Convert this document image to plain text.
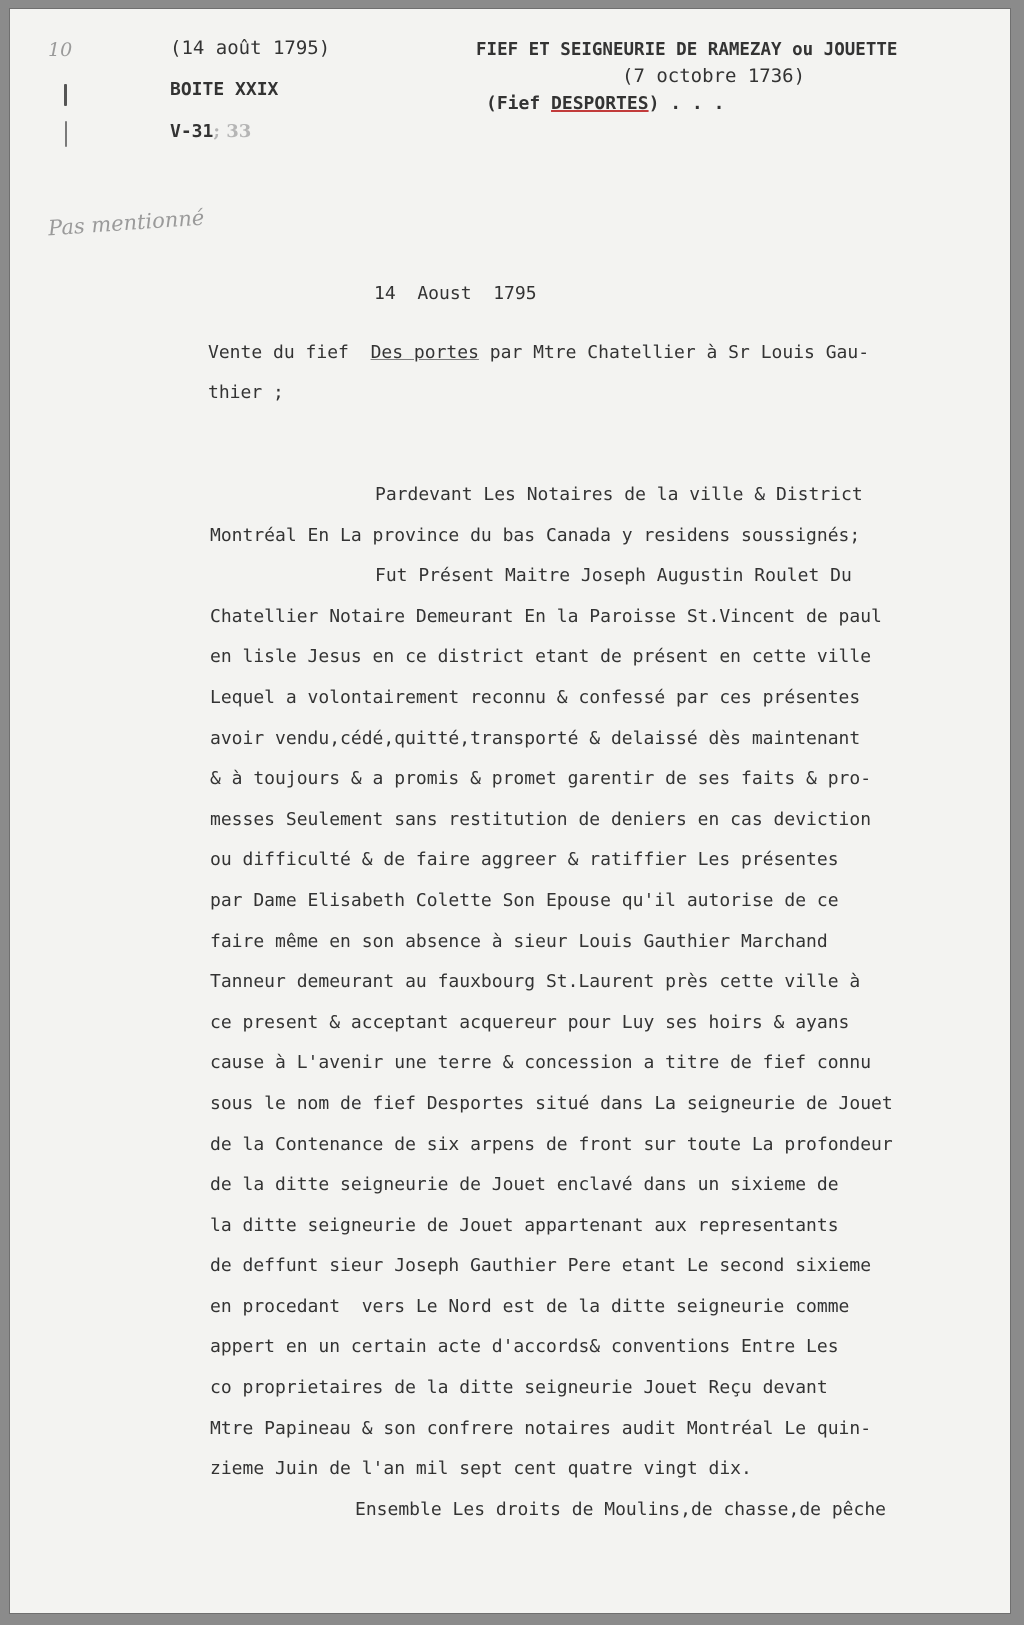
10
Pas mentionné
(14 août 1795)
BOITE XXIX
V-31; 33
FIEF ET SEIGNEURIE DE RAMEZAY ou JOUETTE
(7 octobre 1736)
(Fief DESPORTES) . . .
14  Aoust  1795
Vente du fief  Des portes par Mtre Chatellier à Sr Louis Gau-
thier ;
Pardevant Les Notaires de la ville & District
Montréal En La province du bas Canada y residens soussignés;
Fut Présent Maitre Joseph Augustin Roulet Du
Chatellier Notaire Demeurant En la Paroisse St.Vincent de paul
en lisle Jesus en ce district etant de présent en cette ville
Lequel a volontairement reconnu & confessé par ces présentes
avoir vendu,cédé,quitté,transporté & delaissé dès maintenant
& à toujours & a promis & promet garentir de ses faits & pro-
messes Seulement sans restitution de deniers en cas deviction
ou difficulté & de faire aggreer & ratiffier Les présentes
par Dame Elisabeth Colette Son Epouse qu'il autorise de ce
faire même en son absence à sieur Louis Gauthier Marchand
Tanneur demeurant au fauxbourg St.Laurent près cette ville à
ce present & acceptant acquereur pour Luy ses hoirs & ayans
cause à L'avenir une terre & concession a titre de fief connu
sous le nom de fief Desportes situé dans La seigneurie de Jouet
de la Contenance de six arpens de front sur toute La profondeur
de la ditte seigneurie de Jouet enclavé dans un sixieme de
la ditte seigneurie de Jouet appartenant aux representants
de deffunt sieur Joseph Gauthier Pere etant Le second sixieme
en procedant  vers Le Nord est de la ditte seigneurie comme
appert en un certain acte d'accords& conventions Entre Les
co proprietaires de la ditte seigneurie Jouet Reçu devant
Mtre Papineau & son confrere notaires audit Montréal Le quin-
zieme Juin de l'an mil sept cent quatre vingt dix.
Ensemble Les droits de Moulins,de chasse,de pêche
